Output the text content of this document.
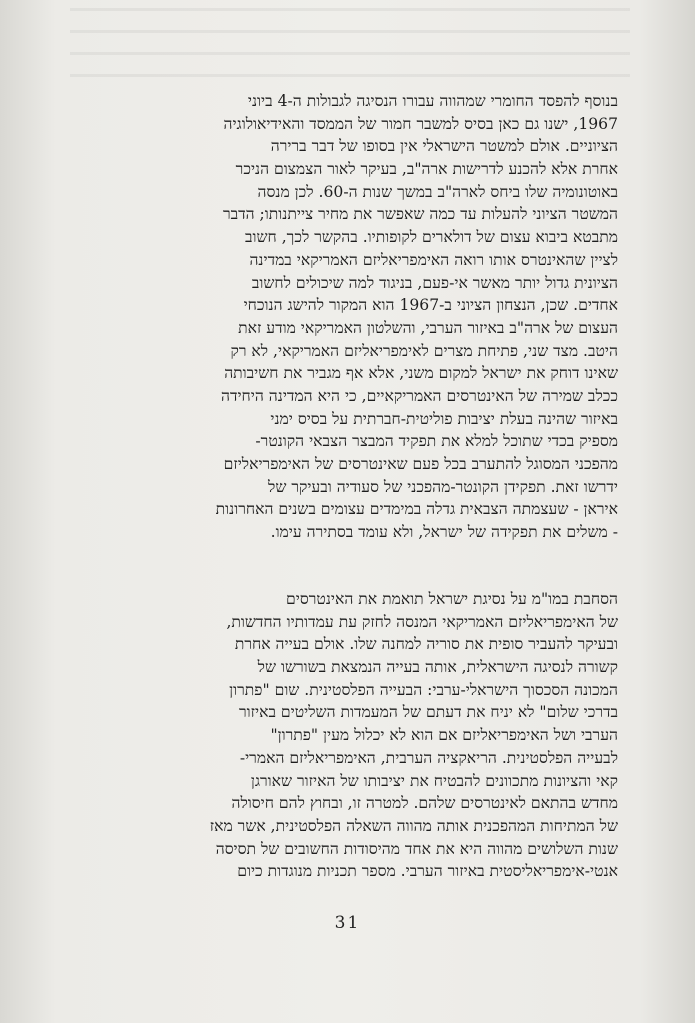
בנוסף להפסד החומרי שמהווה עבורו הנסיגה לגבולות ה-4 ביוני
1967, ישנו גם כאן בסיס למשבר חמור של הממסד והאידיאולוגיה
הציוניים. אולם למשטר הישראלי אין בסופו של דבר ברירה
אחרת אלא להכנע לדרישות ארה"ב, בעיקר לאור הצמצום הניכר
באוטונומיה שלו ביחס לארה"ב במשך שנות ה-60. לכן מנסה
המשטר הציוני להעלות עד כמה שאפשר את מחיר צייתנותו; הדבר
מתבטא ביבוא עצום של דולארים לקופותיו. בהקשר לכך, חשוב
לציין שהאינטרס אותו רואה האימפריאליזם האמריקאי במדינה
הציונית גדול יותר מאשר אי-פעם, בניגוד למה שיכולים לחשוב
אחדים. שכן, הנצחון הציוני ב-1967 הוא המקור להישג הנוכחי
העצום של ארה"ב באיזור הערבי, והשלטון האמריקאי מודע זאת
היטב. מצד שני, פתיחת מצרים לאימפריאליזם האמריקאי, לא רק
שאינו דוחק את ישראל למקום משני, אלא אף מגביר את חשיבותה
ככלב שמירה של האינטרסים האמריקאיים, כי היא המדינה היחידה
באיזור שהינה בעלת יציבות פוליטית-חברתית על בסיס ימני
מספיק בכדי שתוכל למלא את תפקיד המבצר הצבאי הקונטר-
מהפכני המסוגל להתערב בכל פעם שאינטרסים של האימפריאליזם
ידרשו זאת. תפקידן הקונטר-מהפכני של סעודיה ובעיקר של
איראן - שעצמתה הצבאית גדלה במימדים עצומים בשנים האחרונות
- משלים את תפקידה של ישראל, ולא עומד בסתירה עימו.
הסחבת במו"מ על נסיגת ישראל תואמת את האינטרסים
של האימפריאליזם האמריקאי המנסה לחזק עת עמדותיו החדשות,
ובעיקר להעביר סופית את סוריה למחנה שלו. אולם בעייה אחרת
קשורה לנסיגה הישראלית, אותה בעייה הנמצאת בשורשו של
המכונה הסכסוך הישראלי-ערבי: הבעייה הפלסטינית. שום "פתרון
בדרכי שלום" לא יניח את דעתם של המעמדות השליטים באיזור
הערבי ושל האימפריאליזם אם הוא לא יכלול מעין "פתרון"
לבעייה הפלסטינית. הריאקציה הערבית, האימפריאליזם האמרי-
קאי והציונות מתכוונים להבטיח את יציבותו של האיזור שאורגן
מחדש בהתאם לאינטרסים שלהם. למטרה זו, ובחוץ להם חיסולה
של המתיחות המהפכנית אותה מהווה השאלה הפלסטינית, אשר מאז
שנות השלושים מהווה היא את אחד מהיסודות החשובים של תסיסה
אנטי-אימפריאליסטית באיזור הערבי. מספר תכניות מנוגדות כיום
31
